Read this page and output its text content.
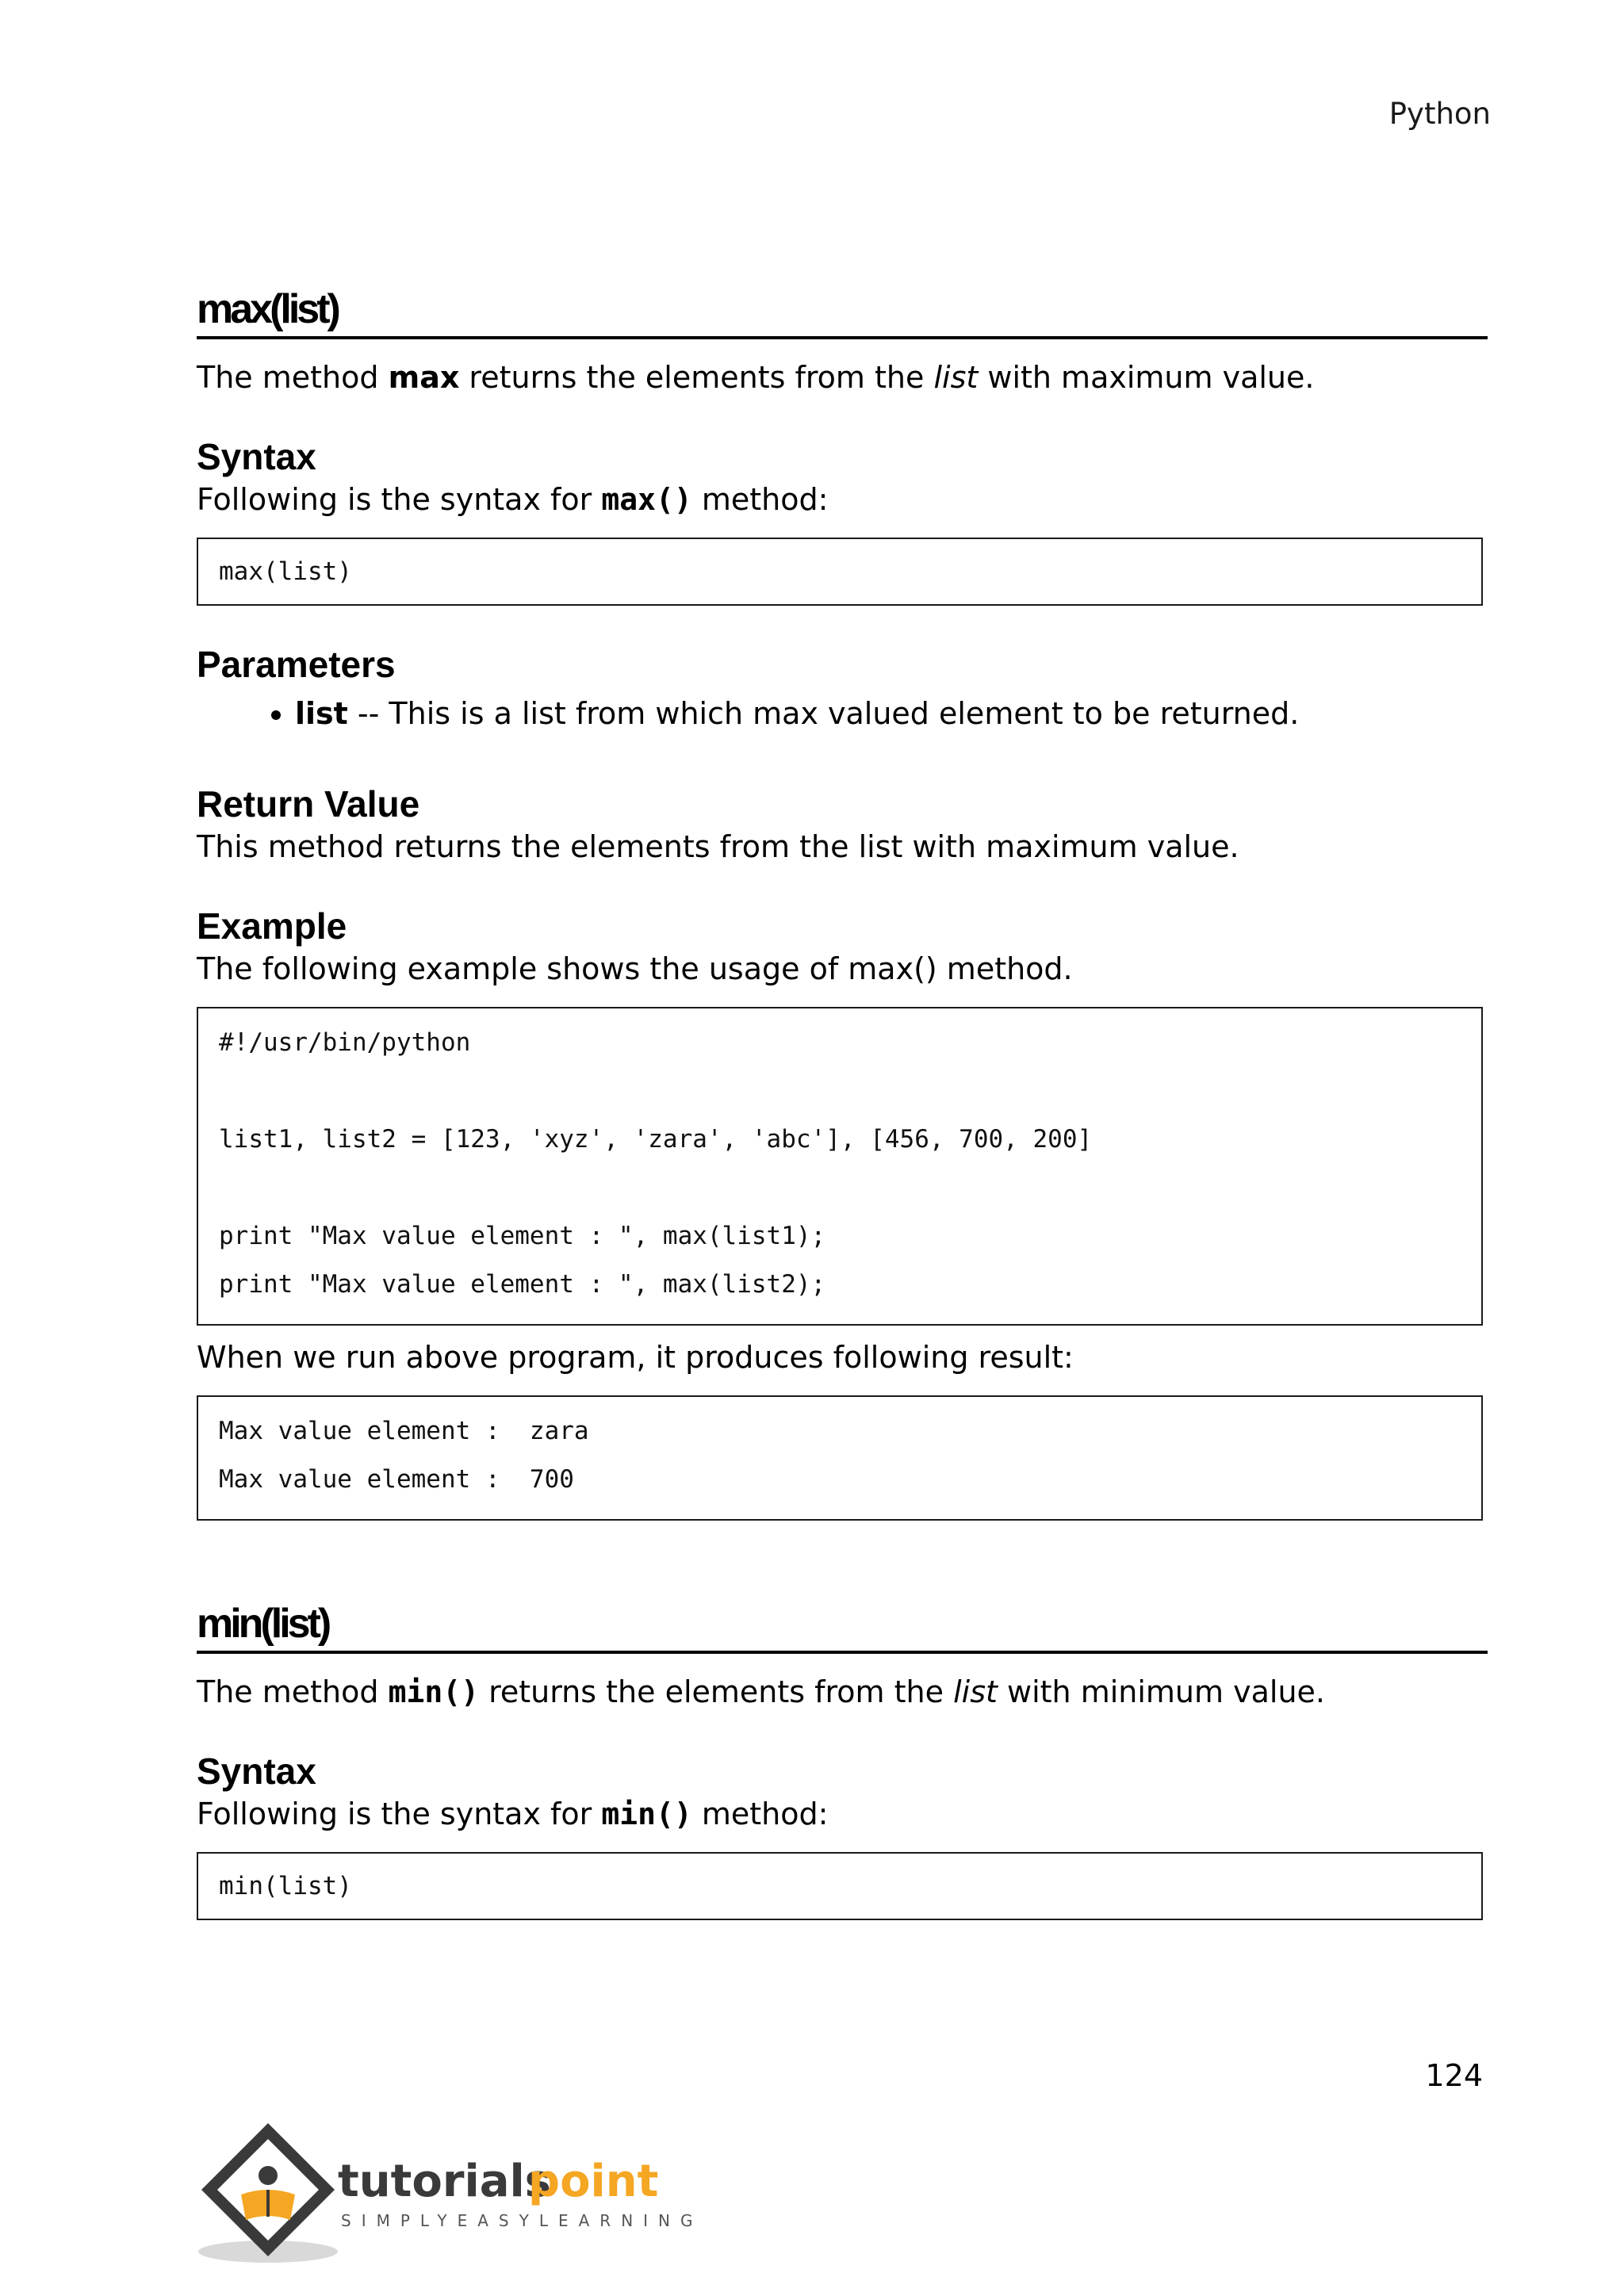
Python
max(list)

The method max returns the elements from the list with maximum value.

Syntax

Following is the syntax for max() method:

max(list)
Parameters
• list -- This is a list from which max valued element to be returned.
Return Value

This method returns the elements from the list with maximum value.

Example

The following example shows the usage of max() method.

#!/usr/bin/python
list1, list2 = [123, 'xyz', 'zara', 'abc'], [456, 700, 200]
print "Max value element : ", max(list1);
print "Max value element : ", max(list2);

When we run above program, it produces following result:

Max value element :  zara
Max value element :  700
min(list)

The method min() returns the elements from the list with minimum value.

Syntax

Following is the syntax for min() method:

min(list)
124
tutorials
point
SIMPLYEASYLEARNING
